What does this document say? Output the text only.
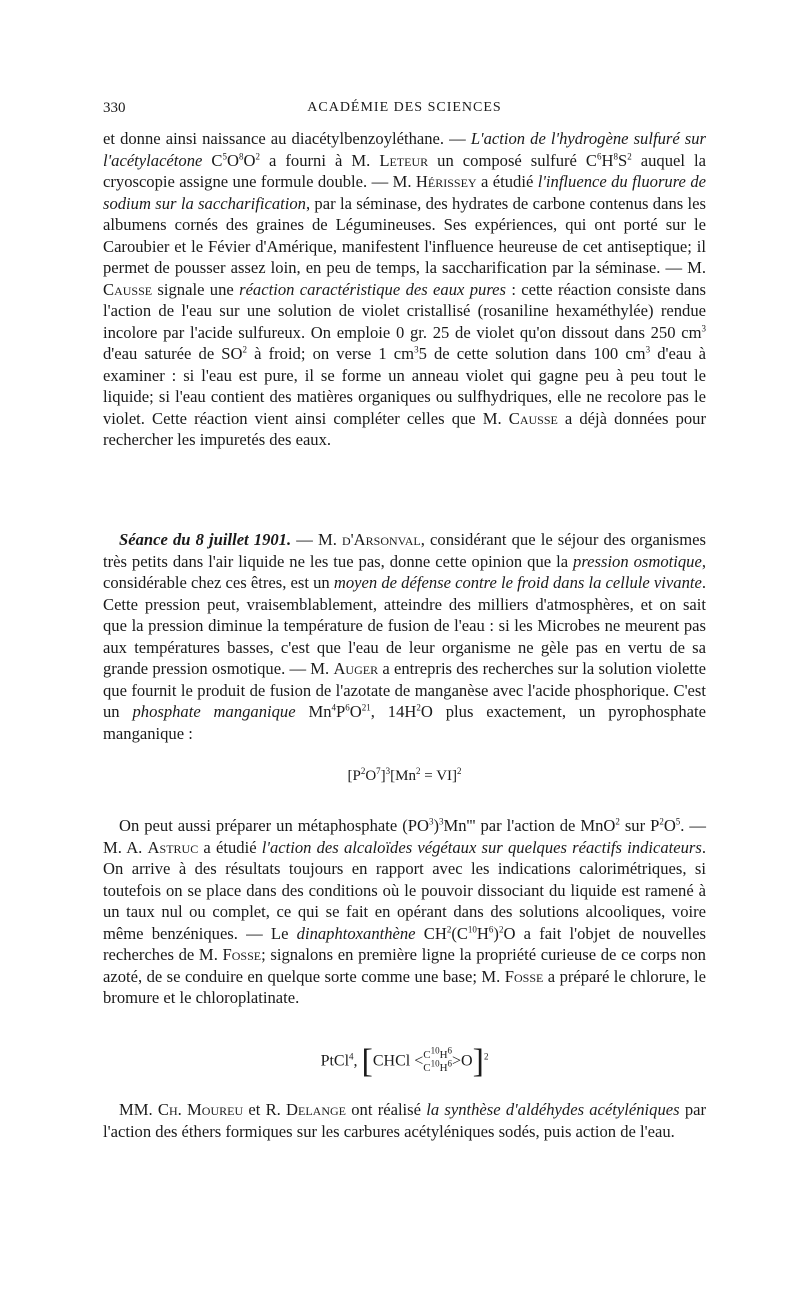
330	ACADÉMIE DES SCIENCES

et donne ainsi naissance au diacétylbenzoyléthane. — L'action de l'hydrogène sulfuré sur l'acétylacétone $C^5O^8O^2$ a fourni à M. Leteur un composé sulfuré $C^6H^8S^2$ auquel la cryoscopie assigne une formule double. — M. Hérissey a étudié l'influence du fluorure de sodium sur la saccharification, par la séminase, des hydrates de carbone contenus dans les albumens cornés des graines de Légumineuses. Ses expériences, qui ont porté sur le Caroubier et le Févier d'Amérique, manifestent l'influence heureuse de cet antiseptique; il permet de pousser assez loin, en peu de temps, la saccharification par la séminase. — M. Causse signale une réaction caractéristique des eaux pures : cette réaction consiste dans l'action de l'eau sur une solution de violet cristallisé (rosaniline hexaméthylée) rendue incolore par l'acide sulfureux. On emploie 0 gr. 25 de violet qu'on dissout dans 250 $cm^3$ d'eau saturée de $SO^2$ à froid; on verse 1 $cm^35$ de cette solution dans 100 $cm^3$ d'eau à examiner : si l'eau est pure, il se forme un anneau violet qui gagne peu à peu tout le liquide; si l'eau contient des matières organiques ou sulfhydriques, elle ne recolore pas le violet. Cette réaction vient ainsi compléter celles que M. Causse a déjà données pour rechercher les impuretés des eaux.

Séance du 8 juillet 1901. — M. d'Arsonval, considérant que le séjour des organismes très petits dans l'air liquide ne les tue pas, donne cette opinion que la pression osmotique, considérable chez ces êtres, est un moyen de défense contre le froid dans la cellule vivante. Cette pression peut, vraisemblablement, atteindre des milliers d'atmosphères, et on sait que la pression diminue la température de fusion de l'eau : si les Microbes ne meurent pas aux températures basses, c'est que l'eau de leur organisme ne gèle pas en vertu de sa grande pression osmotique. — M. Auger a entrepris des recherches sur la solution violette que fournit le produit de fusion de l'azotate de manganèse avec l'acide phosphorique. C'est un phosphate manganique $Mn^4P^6O^{21}$, $14H^2O$ plus exactement, un pyrophosphate manganique :

$[P^2O^7]^3[Mn^2 = VI]^2$

On peut aussi préparer un métaphosphate $(PO^3)^3Mn'''$ par l'action de MnO$^2$ sur $P^2O^5$. — M. A. Astruc a étudié l'action des alcaloïdes végétaux sur quelques réactifs indicateurs. On arrive à des résultats toujours en rapport avec les indications calorimétriques, si toutefois on se place dans des conditions où le pouvoir dissociant du liquide est ramené à un taux nul ou complet, ce qui se fait en opérant dans des solutions alcooliques, voire même benzéniques. — Le dinaphtoxanthène $CH^2(C^{10}H^6)^2O$ a fait l'objet de nouvelles recherches de M. Fosse; signalons en première ligne la propriété curieuse de ce corps non azoté, de se conduire en quelque sorte comme une base; M. Fosse a préparé le chlorure, le bromure et le chloroplatinate.

PtCl$^4$, [CHCl $<C^{10}H^6$
$C^{10}H^6>O]^2$

MM. Ch. Moureu et R. Delange ont réalisé la synthèse d'aldéhydes acétyléniques par l'action des éthers formiques sur les carbures acétyléniques sodés, puis action de l'eau.
